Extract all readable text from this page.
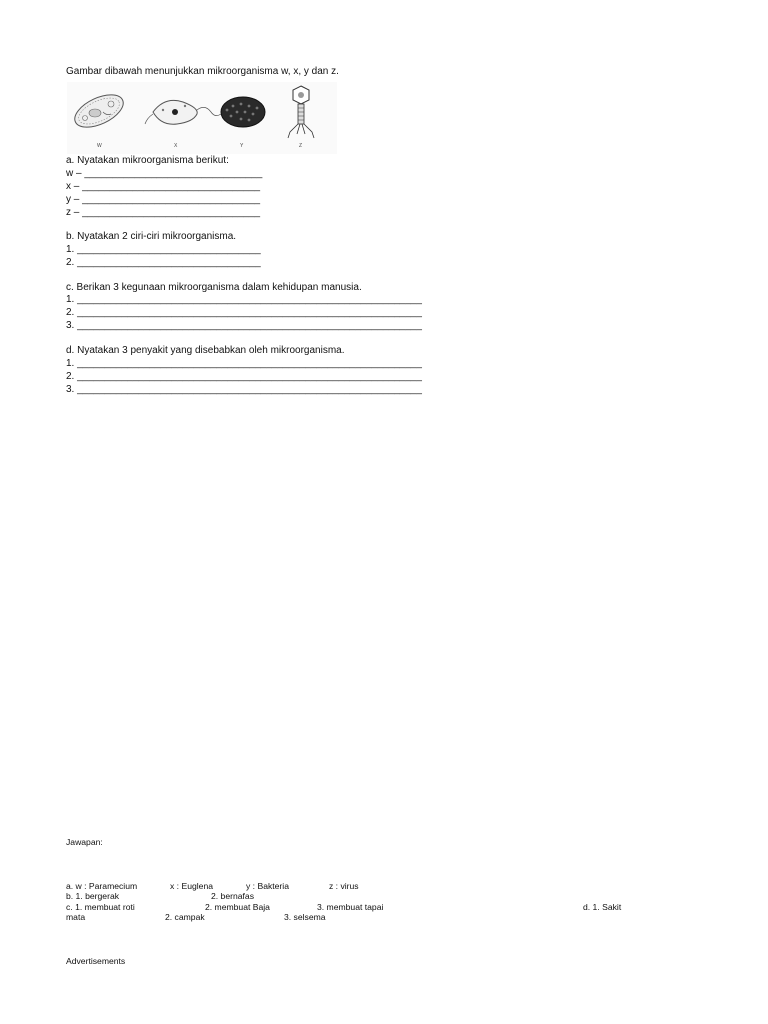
Gambar dibawah menunjukkan mikroorganisma w, x, y dan z.
W	X	Y	Z
a. Nyatakan mikroorganisma berikut:
w – ________________________________
x – ________________________________
y – ________________________________
z – ________________________________
b. Nyatakan 2 ciri-ciri mikroorganisma.
1. _________________________________
2. _________________________________
c. Berikan 3 kegunaan mikroorganisma dalam kehidupan manusia.
1. ______________________________________________________________
2. ______________________________________________________________
3. ______________________________________________________________
d. Nyatakan 3 penyakit yang disebabkan oleh mikroorganisma.
1. ______________________________________________________________
2. ______________________________________________________________
3. ______________________________________________________________
Jawapan:
a. w : Paramecium	x : Euglena	y : Bakteria	z : virus
b. 1. bergerak	2. bernafas
c. 1. membuat roti	2. membuat Baja	3. membuat tapai	d. 1. Sakit
mata	2. campak	3. selsema
Advertisements
